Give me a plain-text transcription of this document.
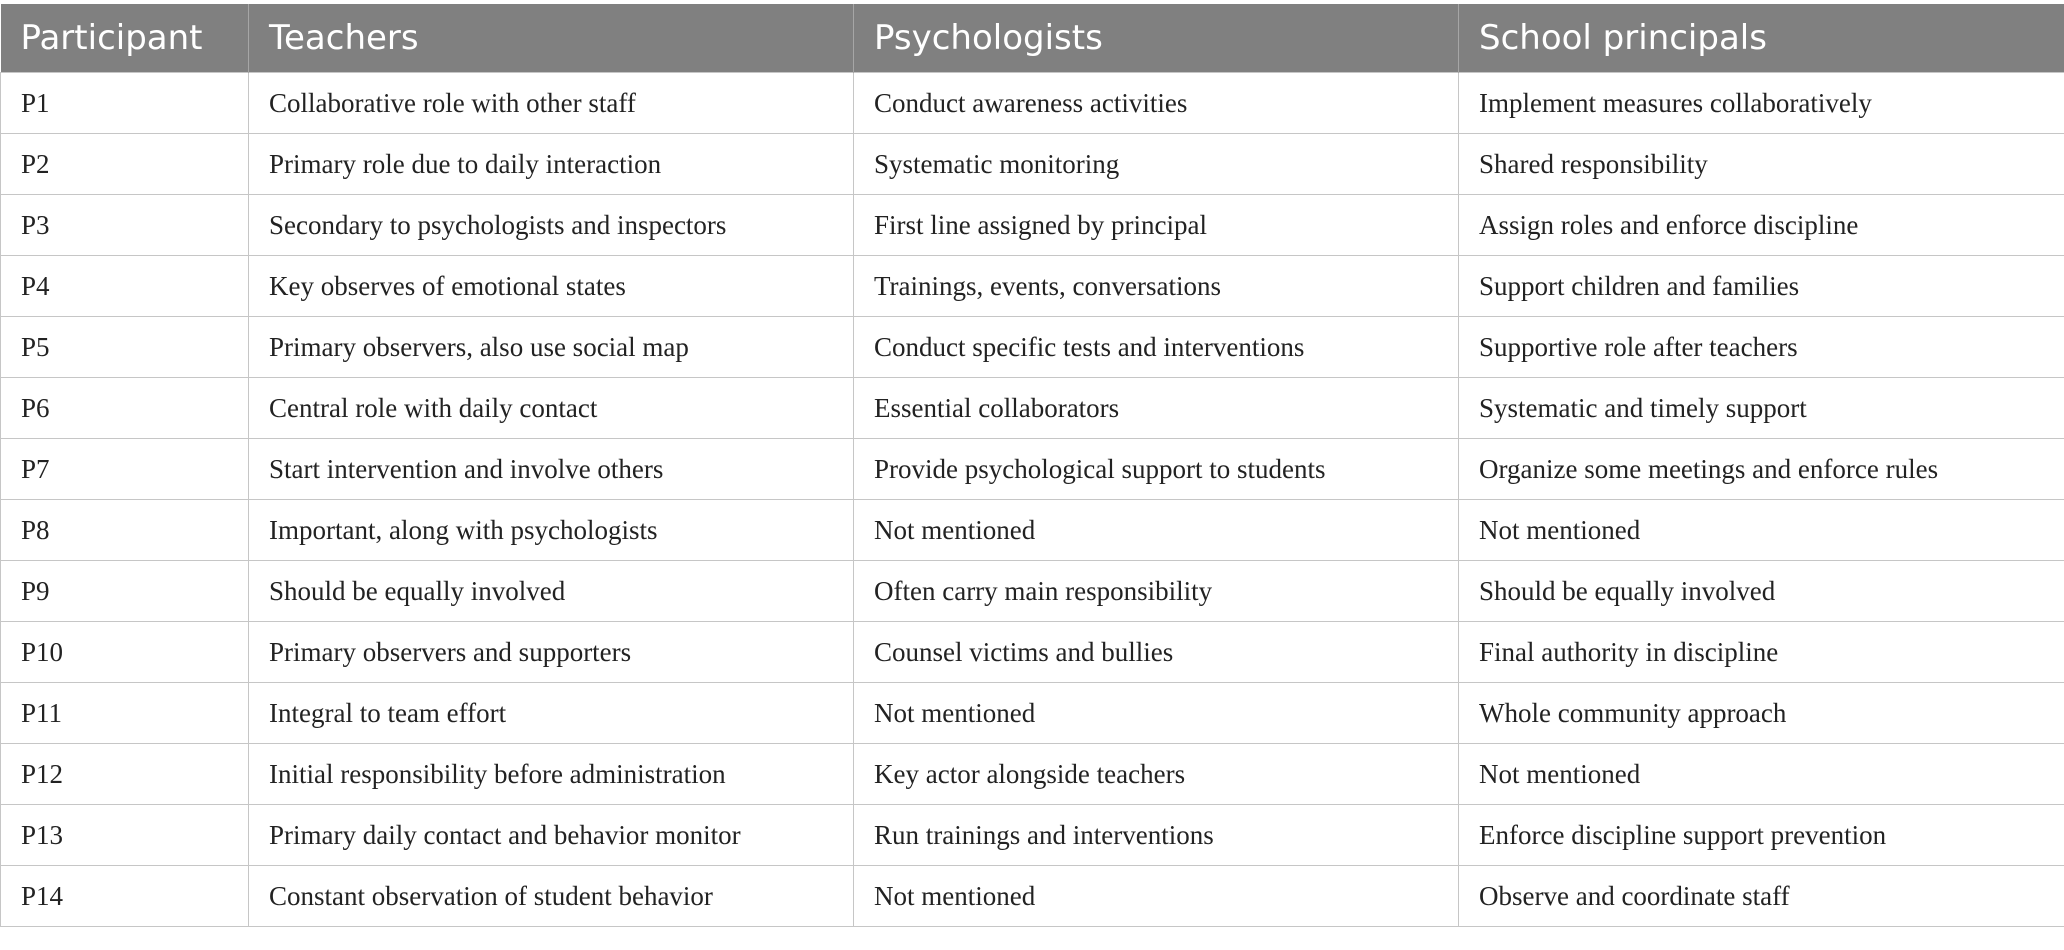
Participant	Teachers	Psychologists	School principals
P1	Collaborative role with other staff	Conduct awareness activities	Implement measures collaboratively
P2	Primary role due to daily interaction	Systematic monitoring	Shared responsibility
P3	Secondary to psychologists and inspectors	First line assigned by principal	Assign roles and enforce discipline
P4	Key observes of emotional states	Trainings, events, conversations	Support children and families
P5	Primary observers, also use social map	Conduct specific tests and interventions	Supportive role after teachers
P6	Central role with daily contact	Essential collaborators	Systematic and timely support
P7	Start intervention and involve others	Provide psychological support to students	Organize some meetings and enforce rules
P8	Important, along with psychologists	Not mentioned	Not mentioned
P9	Should be equally involved	Often carry main responsibility	Should be equally involved
P10	Primary observers and supporters	Counsel victims and bullies	Final authority in discipline
P11	Integral to team effort	Not mentioned	Whole community approach
P12	Initial responsibility before administration	Key actor alongside teachers	Not mentioned
P13	Primary daily contact and behavior monitor	Run trainings and interventions	Enforce discipline support prevention
P14	Constant observation of student behavior	Not mentioned	Observe and coordinate staff
